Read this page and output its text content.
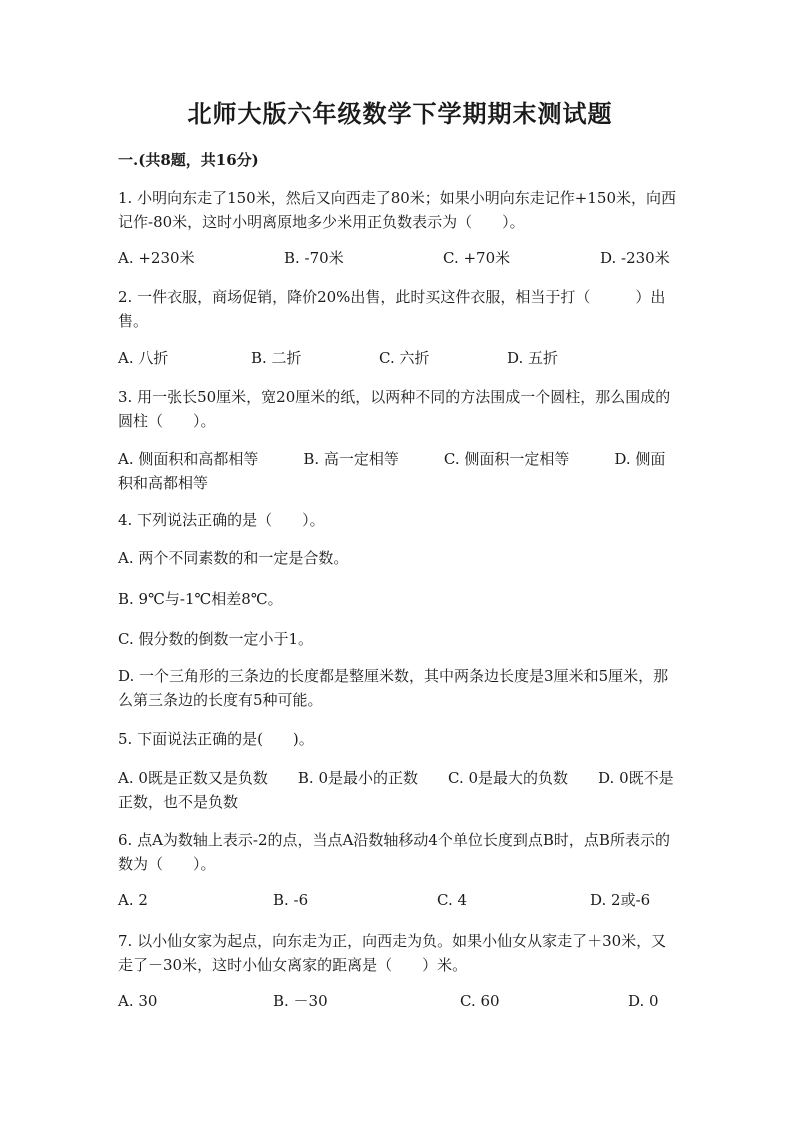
北师大版六年级数学下学期期末测试题
一.(共8题，共16分)
1. 小明向东走了150米，然后又向西走了80米；如果小明向东走记作+150米，向西记作-80米，这时小明离原地多少米用正负数表示为（　　）。
A. +230米	B. -70米	C. +70米	D. -230米
2. 一件衣服，商场促销，降价20%出售，此时买这件衣服，相当于打（　　　）出售。
A. 八折	B. 二折	C. 六折	D. 五折
3. 用一张长50厘米，宽20厘米的纸，以两种不同的方法围成一个圆柱，那么围成的圆柱（　　）。
A. 侧面积和高都相等　　　B. 高一定相等　　　C. 侧面积一定相等　　　D. 侧面积和高都相等
4. 下列说法正确的是（　　）。
A. 两个不同素数的和一定是合数。
B. 9℃与-1℃相差8℃。
C. 假分数的倒数一定小于1。
D. 一个三角形的三条边的长度都是整厘米数，其中两条边长度是3厘米和5厘米，那么第三条边的长度有5种可能。
5. 下面说法正确的是(　　)。
A. 0既是正数又是负数　　B. 0是最小的正数　　C. 0是最大的负数　　D. 0既不是正数，也不是负数
6. 点A为数轴上表示-2的点，当点A沿数轴移动4个单位长度到点B时，点B所表示的数为（　　）。
A. 2	B. -6	C. 4	D. 2或-6
7. 以小仙女家为起点，向东走为正，向西走为负。如果小仙女从家走了＋30米，又走了－30米，这时小仙女离家的距离是（　　）米。
A. 30	B. －30	C. 60	D. 0
